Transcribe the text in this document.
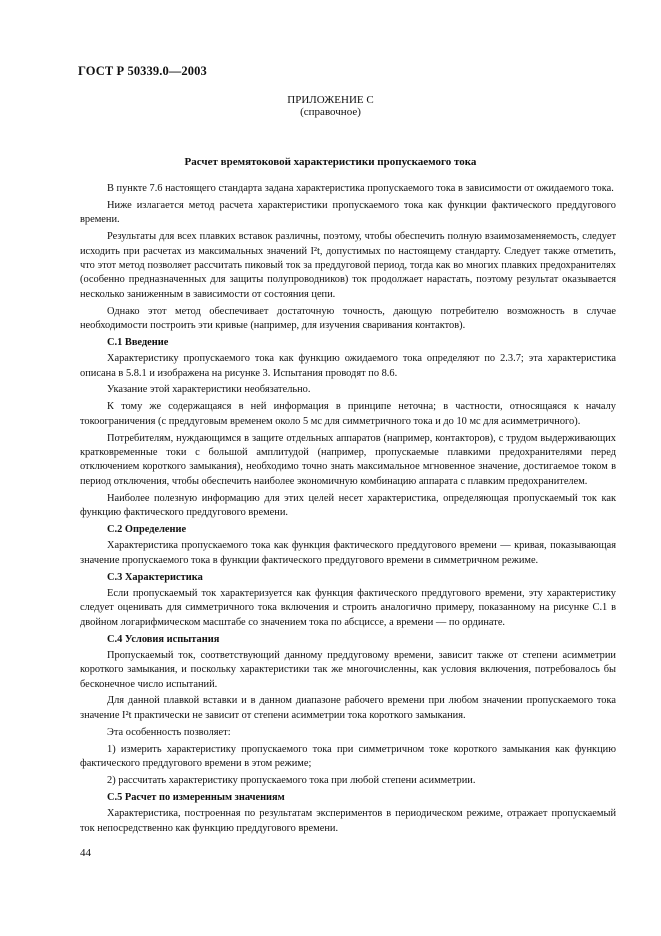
ГОСТ Р 50339.0—2003
ПРИЛОЖЕНИЕ С
(справочное)
Расчет времятоковой характеристики пропускаемого тока

В пункте 7.6 настоящего стандарта задана характеристика пропускаемого тока в зависимости от ожидаемого тока.

Ниже излагается метод расчета характеристики пропускаемого тока как функции фактического преддугового времени.

Результаты для всех плавких вставок различны, поэтому, чтобы обеспечить полную взаимозаменяемость, следует исходить при расчетах из максимальных значений I²t, допустимых по настоящему стандарту. Следует также отметить, что этот метод позволяет рассчитать пиковый ток за преддуговой период, тогда как во многих плавких предохранителях (особенно предназначенных для защиты полупроводников) ток продолжает нарастать, поэтому результат оказывается несколько заниженным в зависимости от состояния цепи.

Однако этот метод обеспечивает достаточную точность, дающую потребителю возможность в случае необходимости построить эти кривые (например, для изучения сваривания контактов).

С.1 Введение

Характеристику пропускаемого тока как функцию ожидаемого тока определяют по 2.3.7; эта характеристика описана в 5.8.1 и изображена на рисунке 3. Испытания проводят по 8.6.

Указание этой характеристики необязательно.

К тому же содержащаяся в ней информация в принципе неточна; в частности, относящаяся к началу токоограничения (с преддуговым временем около 5 мс для симметричного тока и до 10 мс для асимметричного).

Потребителям, нуждающимся в защите отдельных аппаратов (например, контакторов), с трудом выдерживающих кратковременные токи с большой амплитудой (например, пропускаемые плавкими предохранителями перед отключением короткого замыкания), необходимо точно знать максимальное мгновенное значение, достигаемое током в период отключения, чтобы обеспечить наиболее экономичную комбинацию аппарата с плавким предохранителем.

Наиболее полезную информацию для этих целей несет характеристика, определяющая пропускаемый ток как функцию фактического преддугового времени.

С.2 Определение

Характеристика пропускаемого тока как функция фактического преддугового времени — кривая, показывающая значение пропускаемого тока в функции фактического преддугового времени в симметричном режиме.

С.3 Характеристика

Если пропускаемый ток характеризуется как функция фактического преддугового времени, эту характеристику следует оценивать для симметричного тока включения и строить аналогично примеру, показанному на рисунке С.1 в двойном логарифмическом масштабе со значением тока по абсциссе, а времени — по ординате.

С.4 Условия испытания

Пропускаемый ток, соответствующий данному преддуговому времени, зависит также от степени асимметрии короткого замыкания, и поскольку характеристики так же многочисленны, как условия включения, потребовалось бы бесконечное число испытаний.

Для данной плавкой вставки и в данном диапазоне рабочего времени при любом значении пропускаемого тока значение I²t практически не зависит от степени асимметрии тока короткого замыкания.

Эта особенность позволяет:

1) измерить характеристику пропускаемого тока при симметричном токе короткого замыкания как функцию фактического преддугового времени в этом режиме;

2) рассчитать характеристику пропускаемого тока при любой степени асимметрии.

С.5 Расчет по измеренным значениям

Характеристика, построенная по результатам экспериментов в периодическом режиме, отражает пропускаемый ток непосредственно как функцию преддугового времени.

44
